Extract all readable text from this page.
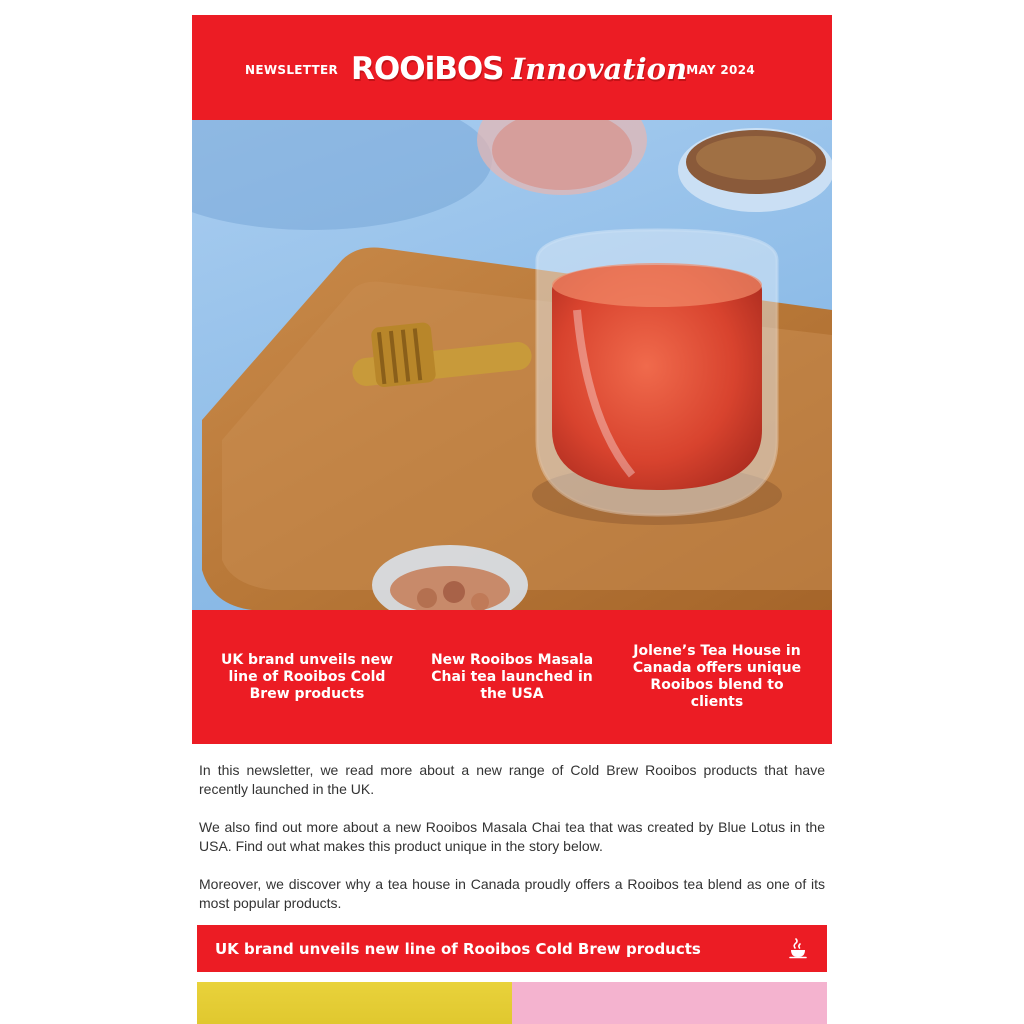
NEWSLETTER ROOiBOS Innovation MAY 2024
UK brand unveils new line of Rooibos Cold Brew products
New Rooibos Masala Chai tea launched in the USA
Jolene’s Tea House in Canada offers unique Rooibos blend to clients

In this newsletter, we read more about a new range of Cold Brew Rooibos products that have recently launched in the UK.

We also find out more about a new Rooibos Masala Chai tea that was created by Blue Lotus in the USA. Find out what makes this product unique in the story below.

Moreover, we discover why a tea house in Canada proudly offers a Rooibos tea blend as one of its most popular products.

UK brand unveils new line of Rooibos Cold Brew products
